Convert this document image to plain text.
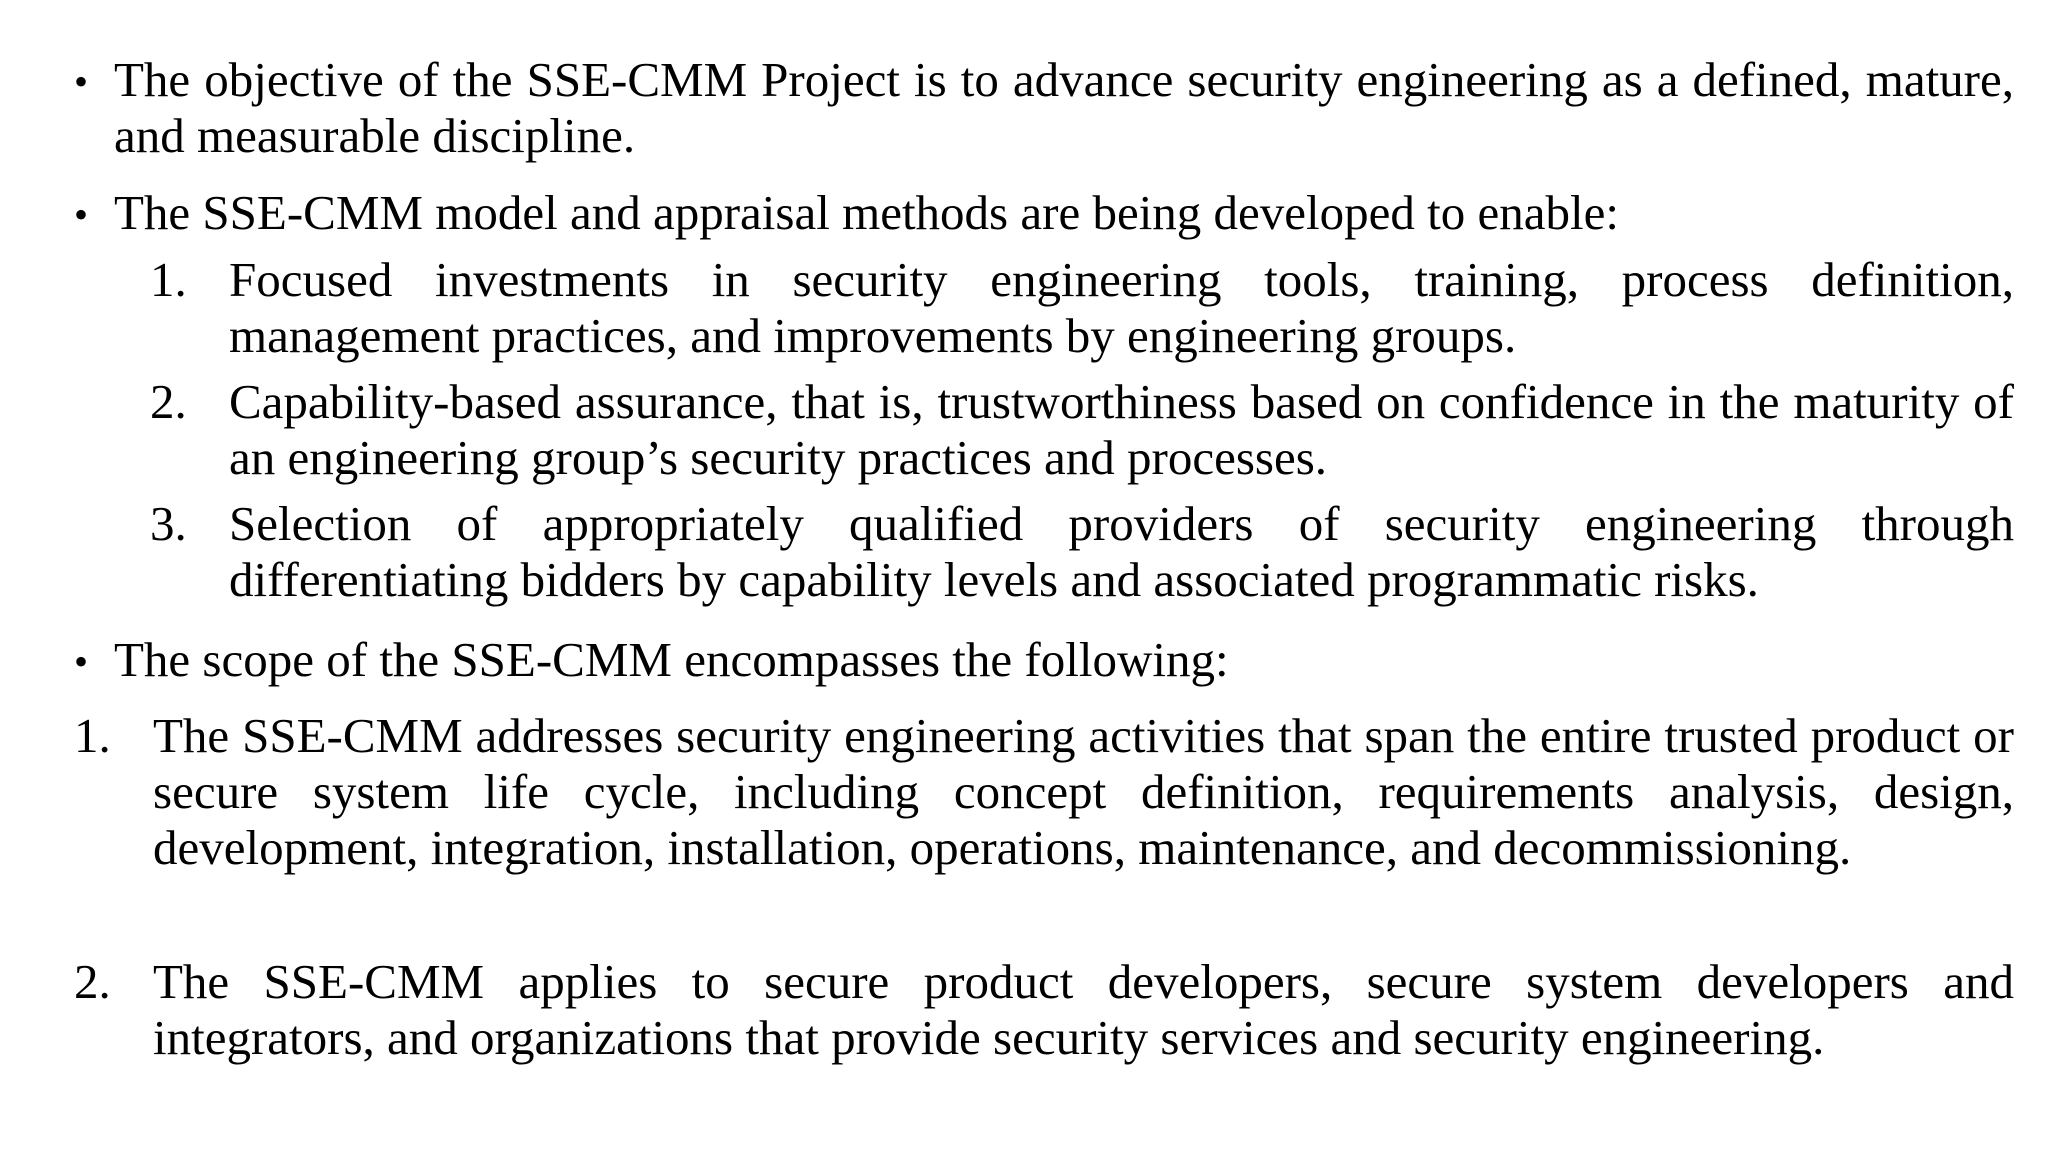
• The objective of the SSE-CMM Project is to advance security engineering as a defined, mature, and measurable discipline.
• The SSE-CMM model and appraisal methods are being developed to enable:
1. Focused investments in security engineering tools, training, process definition, management practices, and improvements by engineering groups.
2. Capability-based assurance, that is, trustworthiness based on confidence in the maturity of an engineering group’s security practices and processes.
3. Selection of appropriately qualified providers of security engineering through differentiating bidders by capability levels and associated programmatic risks.
• The scope of the SSE-CMM encompasses the following:
1. The SSE-CMM addresses security engineering activities that span the entire trusted product or secure system life cycle, including concept definition, requirements analysis, design, development, integration, installation, operations, maintenance, and decommissioning.
2. The SSE-CMM applies to secure product developers, secure system developers and integrators, and organizations that provide security services and security engineering.
